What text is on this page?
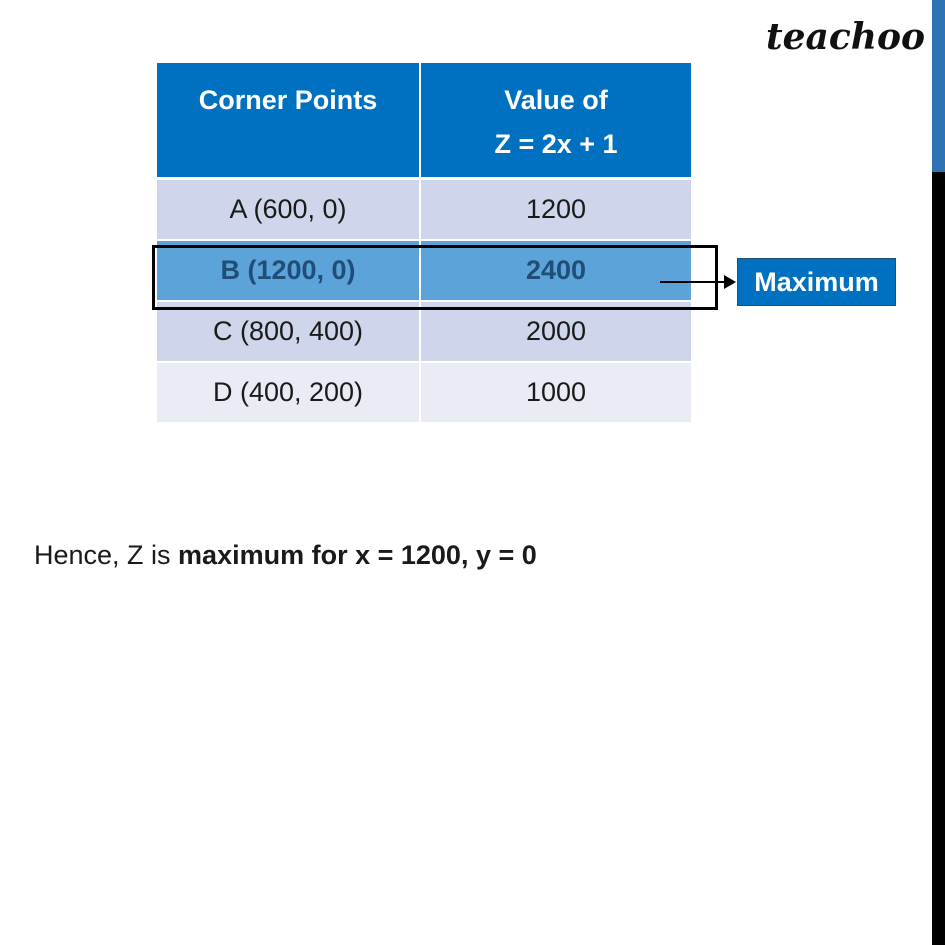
teachoo
Corner Points	Value of
Z = 2x + 1
A (600, 0)	1200
B (1200, 0)	2400
C (800, 400)	2000
D (400, 200)	1000
Maximum
Hence, Z is maximum for x = 1200, y = 0
